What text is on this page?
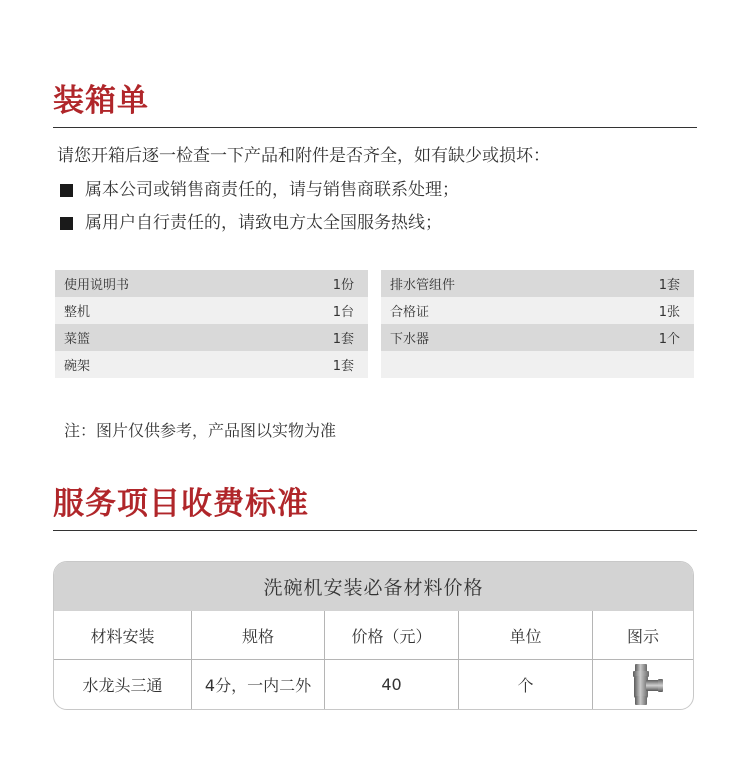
装箱单
请您开箱后逐一检查一下产品和附件是否齐全，如有缺少或损坏：
属本公司或销售商责任的，请与销售商联系处理；
属用户自行责任的，请致电方太全国服务热线；
使用说明书	1份
整机	1台
菜篮	1套
碗架	1套
排水管组件	1套
合格证	1张
下水器	1个
注：图片仅供参考，产品图以实物为准
服务项目收费标准
洗碗机安装必备材料价格
材料安装	规格	价格（元）	单位	图示
水龙头三通	4分，一内二外	40	个
